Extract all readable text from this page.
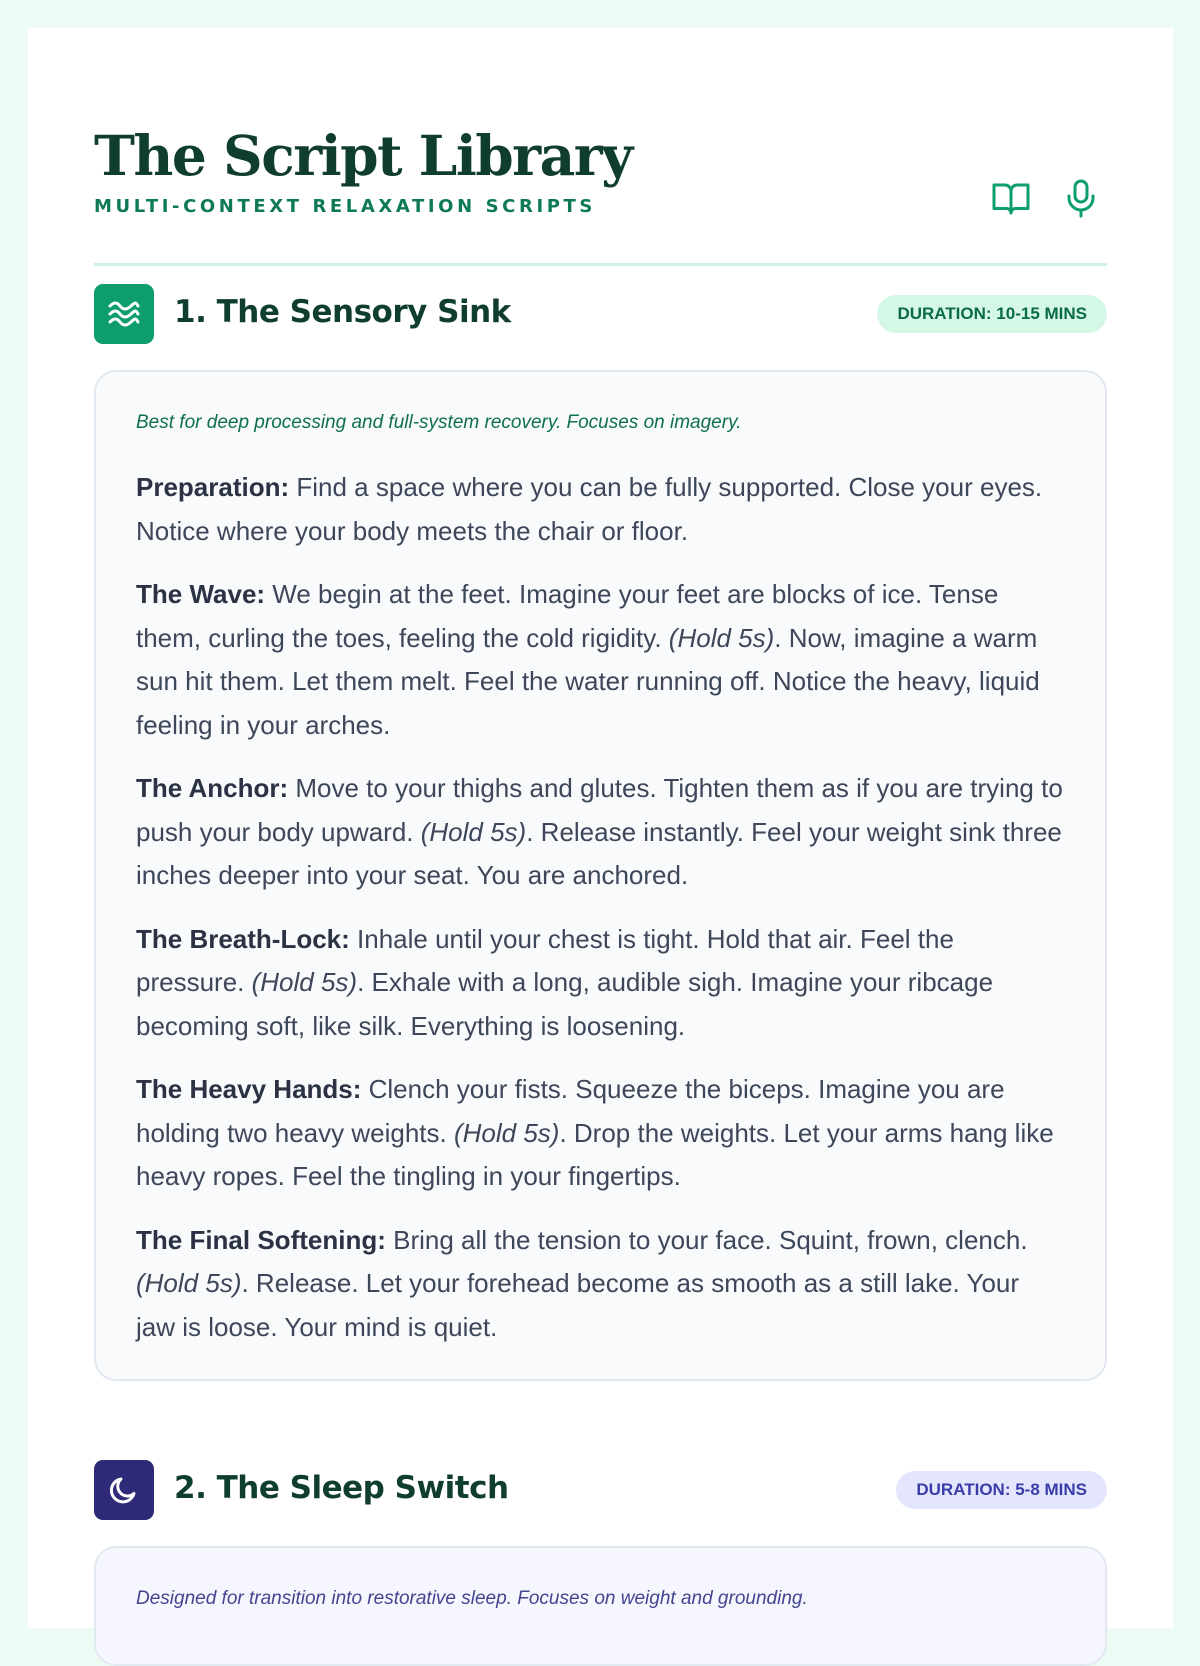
The Script Library
MULTI-CONTEXT RELAXATION SCRIPTS
1. The Sensory Sink	DURATION: 10-15 MINS
Best for deep processing and full-system recovery. Focuses on imagery.

Preparation: Find a space where you can be fully supported. Close your eyes. Notice where your body meets the chair or floor.

The Wave: We begin at the feet. Imagine your feet are blocks of ice. Tense them, curling the toes, feeling the cold rigidity. (Hold 5s). Now, imagine a warm sun hit them. Let them melt. Feel the water running off. Notice the heavy, liquid feeling in your arches.

The Anchor: Move to your thighs and glutes. Tighten them as if you are trying to push your body upward. (Hold 5s). Release instantly. Feel your weight sink three inches deeper into your seat. You are anchored.

The Breath-Lock: Inhale until your chest is tight. Hold that air. Feel the pressure. (Hold 5s). Exhale with a long, audible sigh. Imagine your ribcage becoming soft, like silk. Everything is loosening.

The Heavy Hands: Clench your fists. Squeeze the biceps. Imagine you are holding two heavy weights. (Hold 5s). Drop the weights. Let your arms hang like heavy ropes. Feel the tingling in your fingertips.

The Final Softening: Bring all the tension to your face. Squint, frown, clench. (Hold 5s). Release. Let your forehead become as smooth as a still lake. Your jaw is loose. Your mind is quiet.

2. The Sleep Switch	DURATION: 5-8 MINS
Designed for transition into restorative sleep. Focuses on weight and grounding.
